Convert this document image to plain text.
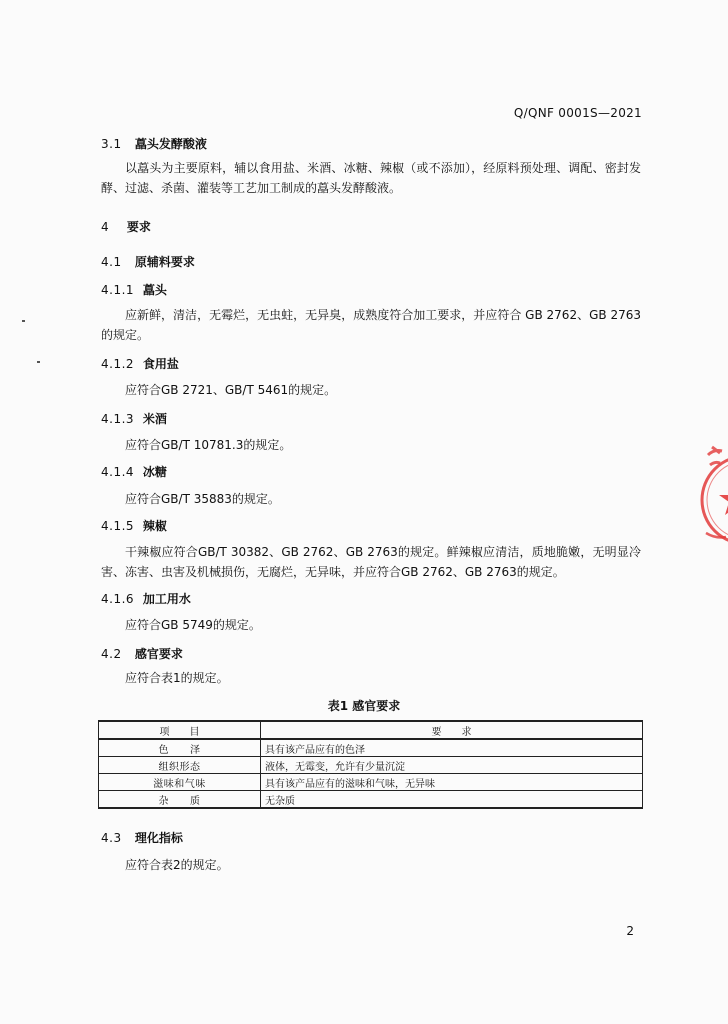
Q/QNF 0001S—2021
3.1 藠头发酵酸液
以藠头为主要原料，辅以食用盐、米酒、冰糖、辣椒（或不添加），经原料预处理、调配、密封发酵、过滤、杀菌、灌装等工艺加工制成的藠头发酵酸液。
4 要求
4.1 原辅料要求
4.1.1 藠头
应新鲜，清洁，无霉烂，无虫蛀，无异臭，成熟度符合加工要求，并应符合 GB 2762、GB 2763 的规定。
4.1.2 食用盐
应符合GB 2721、GB/T 5461的规定。
4.1.3 米酒
应符合GB/T 10781.3的规定。
4.1.4 冰糖
应符合GB/T 35883的规定。
4.1.5 辣椒
干辣椒应符合GB/T 30382、GB 2762、GB 2763的规定。鲜辣椒应清洁，质地脆嫩，无明显冷害、冻害、虫害及机械损伤，无腐烂，无异味，并应符合GB 2762、GB 2763的规定。
4.1.6 加工用水
应符合GB 5749的规定。
4.2 感官要求
应符合表1的规定。
表1 感官要求
项　　目	要　　求
色　　泽	具有该产品应有的色泽
组织形态	液体，无霉变，允许有少量沉淀
滋味和气味	具有该产品应有的滋味和气味，无异味
杂　　质	无杂质
4.3 理化指标
应符合表2的规定。
2
